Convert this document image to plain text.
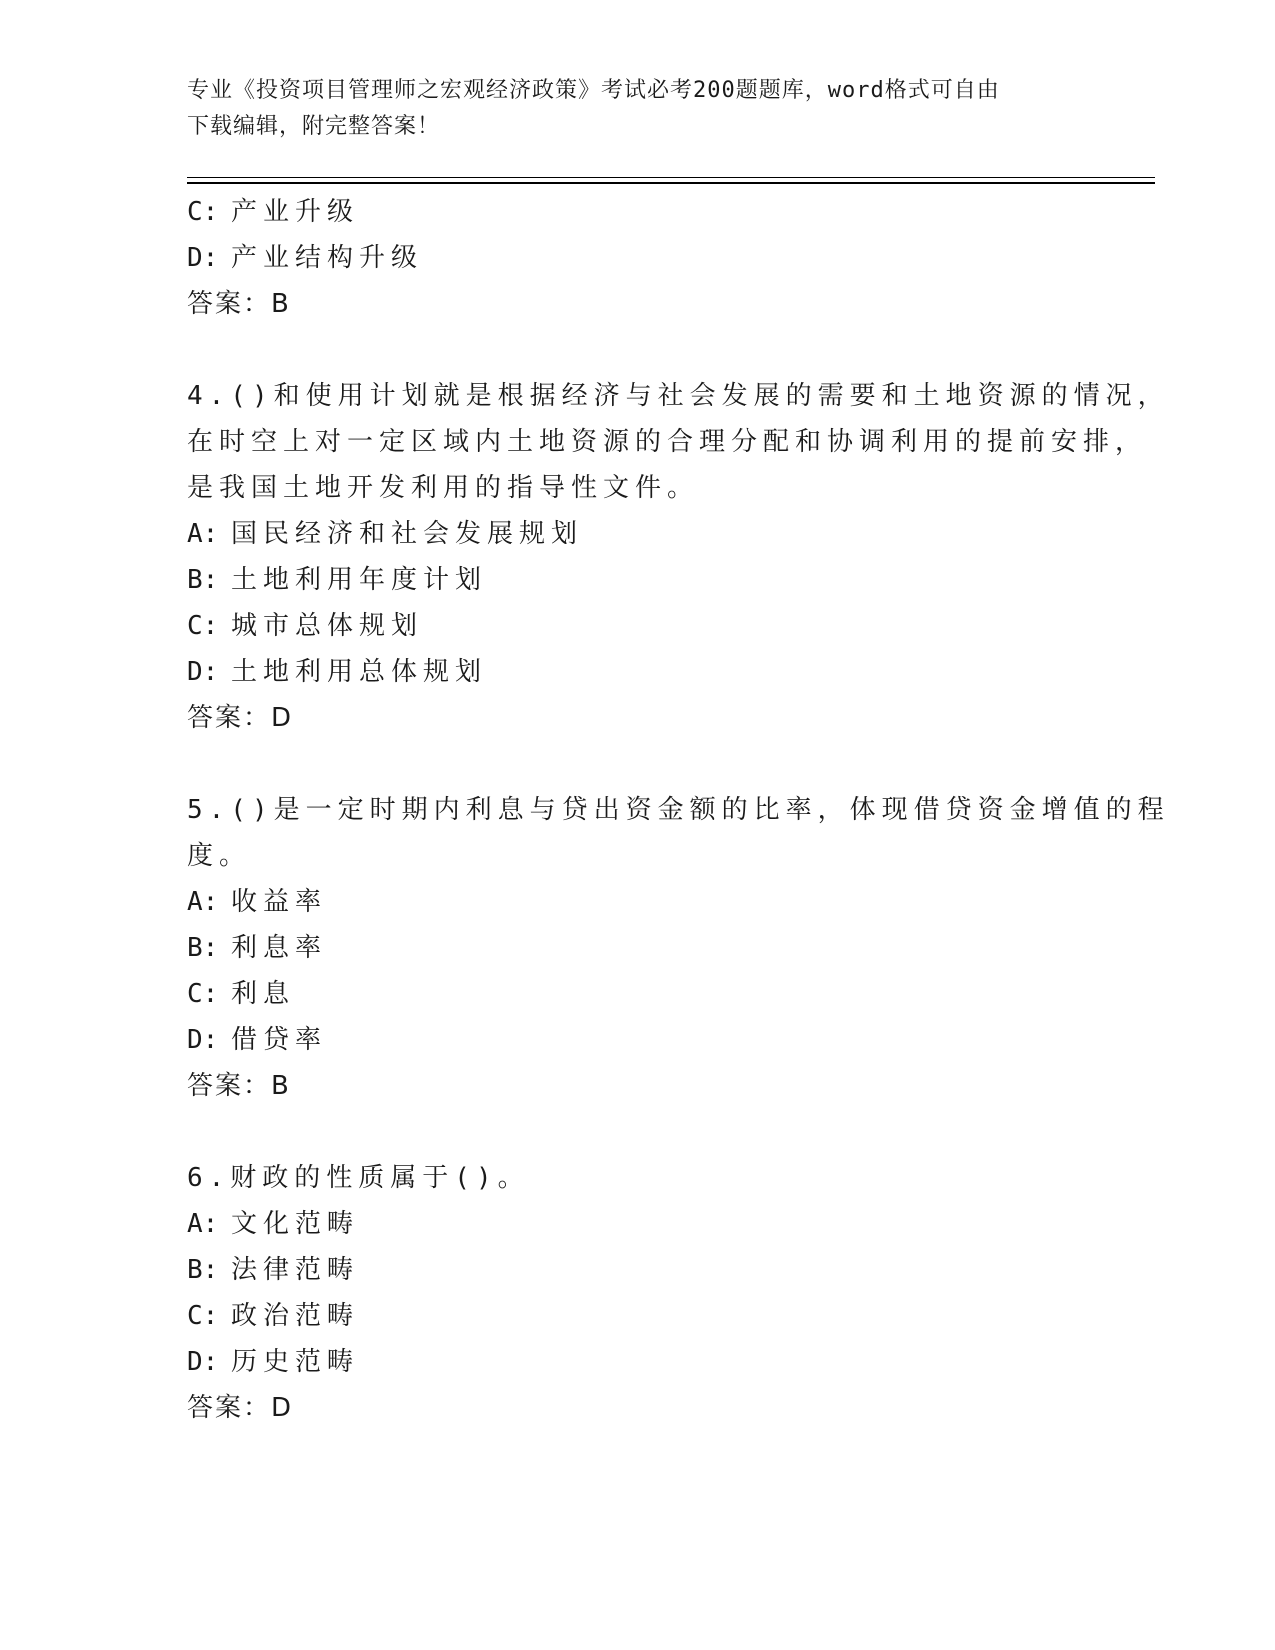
专业《投资项目管理师之宏观经济政策》考试必考200题题库，word格式可自由
下载编辑，附完整答案！
C: 产业升级
D: 产业结构升级
答案：B
4.()和使用计划就是根据经济与社会发展的需要和土地资源的情况，
在时空上对一定区域内土地资源的合理分配和协调利用的提前安排，
是我国土地开发利用的指导性文件。
A: 国民经济和社会发展规划
B: 土地利用年度计划
C: 城市总体规划
D: 土地利用总体规划
答案：D
5.()是一定时期内利息与贷出资金额的比率，体现借贷资金增值的程
度。
A: 收益率
B: 利息率
C: 利息
D: 借贷率
答案：B
6.财政的性质属于()。
A: 文化范畴
B: 法律范畴
C: 政治范畴
D: 历史范畴
答案：D
